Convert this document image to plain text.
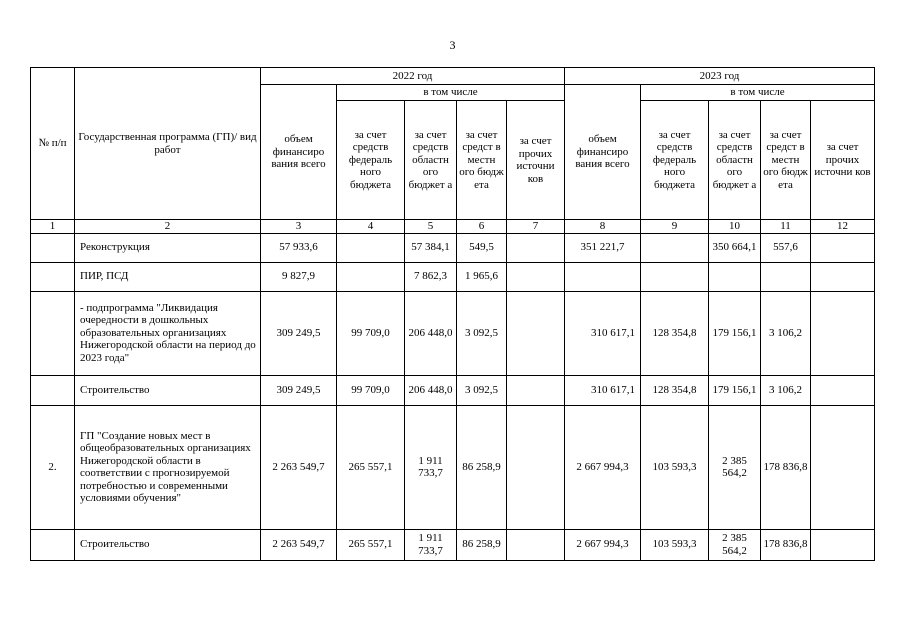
3
№ п/п	Государственная программа (ГП)/ вид работ	2022 год					2023 год				
		объем финансиро вания всего	в том числе				объем финансиро вания всего	в том числе			
			за счет средств федераль ного бюджета	за счет средств областн ого бюджет а	за счет средст в местн ого бюдж ета	за счет прочих источни ков		за счет средств федераль ного бюджета	за счет средств областн ого бюджет а	за счет средст в местн ого бюдж ета	за счет прочих источни ков

1	2	3	4	5	6	7	8	9	10	11	12
	Реконструкция	57 933,6		57 384,1	549,5		351 221,7		350 664,1	557,6	
	ПИР, ПСД	9 827,9		7 862,3	1 965,6						
	- подпрограмма "Ликвидация очередности в дошкольных образовательных организациях Нижегородской области на период до 2023 года"	309 249,5	99 709,0	206 448,0	3 092,5		310 617,1	128 354,8	179 156,1	3 106,2	
	Строительство	309 249,5	99 709,0	206 448,0	3 092,5		310 617,1	128 354,8	179 156,1	3 106,2	
2.	ГП "Создание новых мест в общеобразовательных организациях Нижегородской области в соответствии с прогнозируемой потребностью и современными условиями обучения"	2 263 549,7	265 557,1	1 911 733,7	86 258,9		2 667 994,3	103 593,3	2 385 564,2	178 836,8	
	Строительство	2 263 549,7	265 557,1	1 911 733,7	86 258,9		2 667 994,3	103 593,3	2 385 564,2	178 836,8	
